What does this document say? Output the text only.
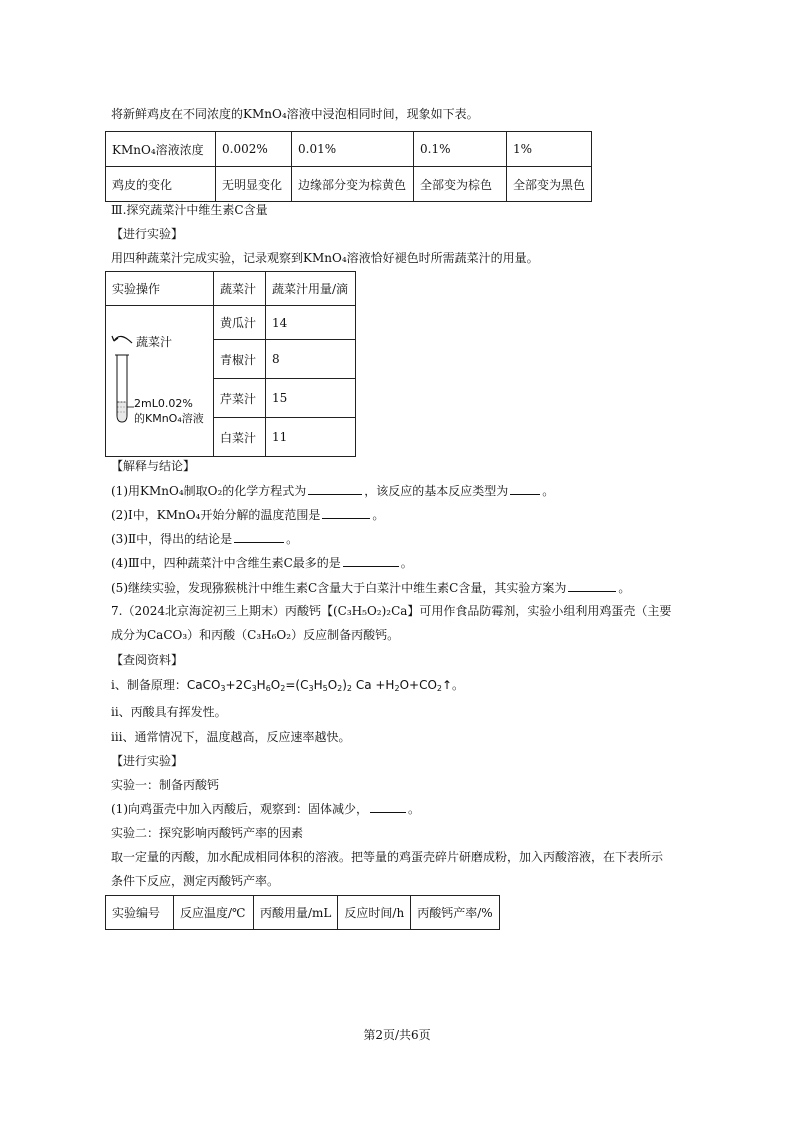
将新鲜鸡皮在不同浓度的KMnO₄溶液中浸泡相同时间，现象如下表。
KMnO₄溶液浓度	0.002%	0.01%	0.1%	1%
鸡皮的变化	无明显变化	边缘部分变为棕黄色	全部变为棕色	全部变为黑色
Ⅲ.探究蔬菜汁中维生素C含量
【进行实验】
用四种蔬菜汁完成实验，记录观察到KMnO₄溶液恰好褪色时所需蔬菜汁的用量。
实验操作	蔬菜汁	蔬菜汁用量/滴

蔬菜汁
2mL0.02%
的KMnO₄溶液	黄瓜汁	14
	青椒汁	8
	芹菜汁	15
	白菜汁	11
【解释与结论】
(1)用KMnO₄制取O₂的化学方程式为	，该反应的基本反应类型为	。
(2)Ⅰ中，KMnO₄开始分解的温度范围是	。
(3)Ⅱ中，得出的结论是	。
(4)Ⅲ中，四种蔬菜汁中含维生素C最多的是	。
(5)继续实验，发现猕猴桃汁中维生素C含量大于白菜汁中维生素C含量，其实验方案为	。
7.（2024北京海淀初三上期末）丙酸钙【(C₃H₅O₂)₂Ca】可用作食品防霉剂，实验小组利用鸡蛋壳（主要
成分为CaCO₃）和丙酸（C₃H₆O₂）反应制备丙酸钙。
【查阅资料】
i、制备原理：$CaCO_3+2C_3H_6O_2=(C_3H_5O_2)_2$ $Ca +H_2O+CO_2↑$。
ⅱ、丙酸具有挥发性。
ⅲ、通常情况下，温度越高，反应速率越快。
【进行实验】
实验一：制备丙酸钙
(1)向鸡蛋壳中加入丙酸后，观察到：固体减少，	。
实验二：探究影响丙酸钙产率的因素
取一定量的丙酸，加水配成相同体积的溶液。把等量的鸡蛋壳碎片研磨成粉，加入丙酸溶液，在下表所示
条件下反应，测定丙酸钙产率。
实验编号	反应温度/℃	丙酸用量/mL	反应时间/h	丙酸钙产率/%
第2页/共6页
